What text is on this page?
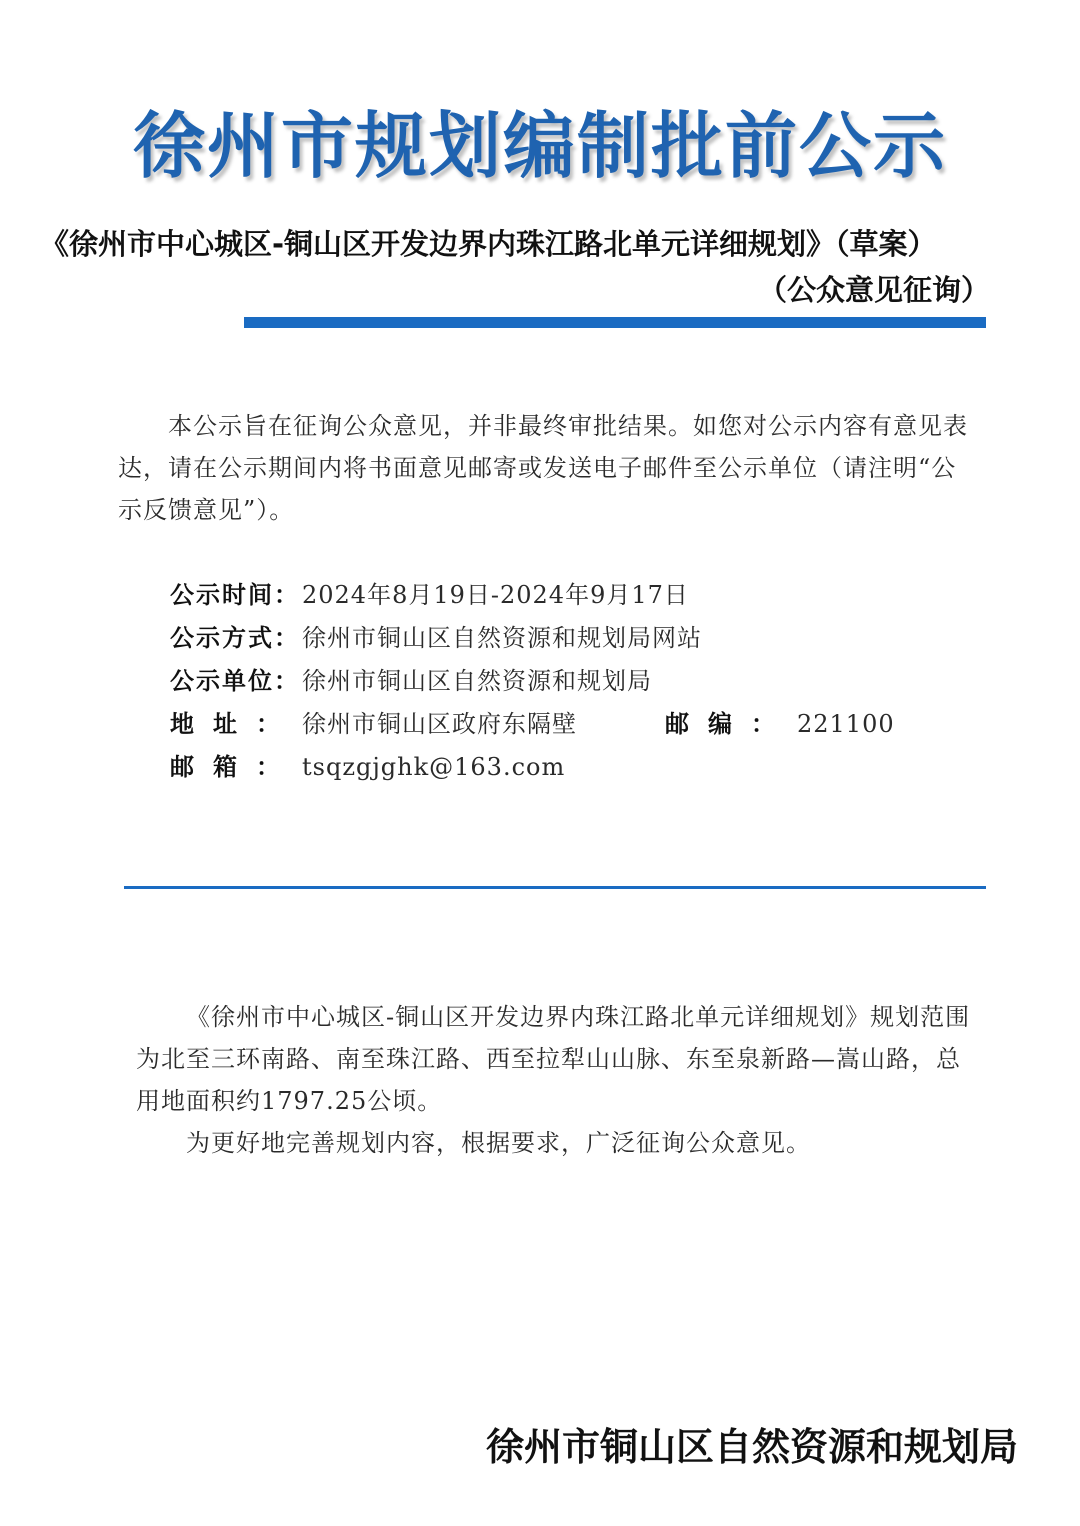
徐州市规划编制批前公示
《徐州市中心城区-铜山区开发边界内珠江路北单元详细规划》（草案）
（公众意见征询）
本公示旨在征询公众意见，并非最终审批结果。如您对公示内容有意见表达，请在公示期间内将书面意见邮寄或发送电子邮件至公示单位（请注明“公示反馈意见”）。
公示时间：2024年8月19日-2024年9月17日
公示方式：徐州市铜山区自然资源和规划局网站
公示单位：徐州市铜山区自然资源和规划局
地址： 徐州市铜山区政府东隔壁	邮编： 221100
邮箱： tsqzgjghk@163.com

《徐州市中心城区-铜山区开发边界内珠江路北单元详细规划》规划范围为北至三环南路、南至珠江路、西至拉犁山山脉、东至泉新路—嵩山路，总用地面积约1797.25公顷。

为更好地完善规划内容，根据要求，广泛征询公众意见。

徐州市铜山区自然资源和规划局
